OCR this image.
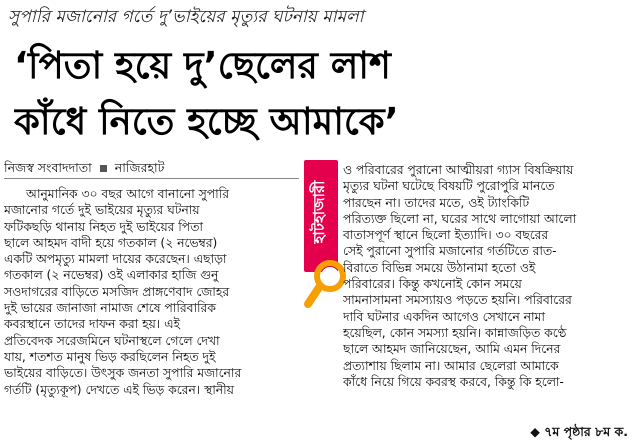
সুপারি মজানোর গর্তে দু’ভাইয়ের মৃত্যুর ঘটনায় মামলা
‘পিতা হয়ে দু’ছেলের লাশ
কাঁধে নিতে হচ্ছে আমাকে’
নিজস্ব সংবাদদাতা নাজিরহাট
আনুমানিক ৩০ বছর আগে বানানো সুপারি
মজানোর গর্তে দুই ভাইয়ের মৃত্যুর ঘটনায়
ফটিকছড়ি থানায় নিহত দুই ভাইয়ের পিতা
ছালে আহমদ বাদী হয়ে গতকাল (২ নভেম্বর)
একটি অপমৃত্যু মামলা দায়ের করেছেন। এছাড়া
গতকাল (২ নভেম্বর) ওই এলাকার হাজি গুনু
সওদাগরের বাড়িতে মসজিদ প্রাঙ্গণেবাদ জোহর
দুই ভায়ের জানাজা নামাজ শেষে পারিবারিক
কবরস্থানে তাদের দাফন করা হয়। এই
প্রতিবেদক সরেজমিনে ঘটনাস্থলে গেলে দেখা
যায়, শতশত মানুষ ভিড় করছিলেন নিহত দুই
ভাইয়ের বাড়িতে। উৎসুক জনতা সুপারি মজানোর
গর্তটি (মৃত্যুকূপ) দেখতে এই ভিড় করেন। স্থানীয়
হাটহাজারী
ও পরিবারের পুরানো আত্মীয়রা গ্যাস বিষক্রিয়ায়
মৃত্যুর ঘটনা ঘটেছে বিষয়টি পুরোপুরি মানতে
পারছেন না। তাদের মতে, ওই ট্যাংকিটি
পরিত্যক্ত ছিলো না, ঘরের সাথে লাগোয়া আলো
বাতাসপূর্ণ স্থানে ছিলো ইত্যাদি। ৩০ বছরের
সেই পুরানো সুপারি মজানোর গর্তটিতে রাত-
বিরাতে বিভিন্ন সময়ে উঠানামা হতো ওই
পরিবারের। কিন্তু কখনোই কোন সময়ে
সামনাসামনা সমস্যায়ও পড়তে হয়নি। পরিবারের
দাবি ঘটনার একদিন আগেও সেখানে নামা
হয়েছিল, কোন সমস্যা হয়নি। কান্নাজড়িত কণ্ঠে
ছালে আহমদ জানিয়েছেন, আমি এমন দিনের
প্রত্যাশায় ছিলাম না। আমার ছেলেরা আমাকে
কাঁধে নিয়ে গিয়ে কবরস্থ করবে, কিন্তু কি হলো-
◆ ৭ম পৃষ্ঠার ৮ম ক.
